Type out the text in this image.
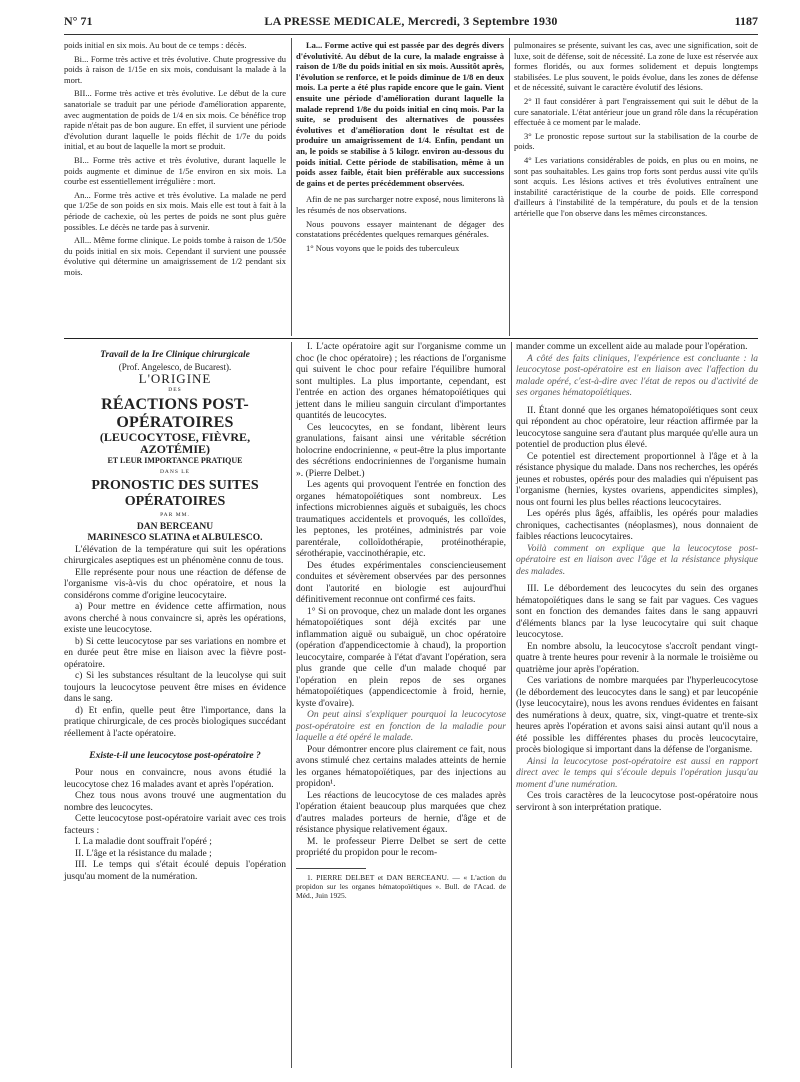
N° 71	LA PRESSE MEDICALE, Mercredi, 3 Septembre 1930	1187

poids initial en six mois. Au bout de ce temps : décès.

Bi... Forme très active et très évolutive. Chute progressive du poids à raison de 1/15e en six mois, conduisant la malade à la mort.

BII... Forme très active et très évolutive. Le début de la cure sanatoriale se traduit par une période d'amélioration apparente, avec augmentation de poids de 1/4 en six mois. Ce bénéfice trop rapide n'était pas de bon augure. En effet, il survient une période d'évolution durant laquelle le poids fléchit de 1/7e du poids initial, et au bout de laquelle la mort se produit.

BI... Forme très active et très évolutive, durant laquelle le poids augmente et diminue de 1/5e environ en six mois. La courbe est essentiellement irrégulière : mort.

An... Forme très active et très évolutive. La malade ne perd que 1/25e de son poids en six mois. Mais elle est tout à fait à la période de cachexie, où les pertes de poids ne sont plus guère possibles. Le décès ne tarde pas à survenir.

All... Même forme clinique. Le poids tombe à raison de 1/50e du poids initial en six mois. Cependant il survient une poussée évolutive qui détermine un amaigrissement de 1/2 pendant six mois.

La... Forme active qui est passée par des degrés divers d'évolutivité. Au début de la cure, la malade engraisse à raison de 1/8e du poids initial en six mois. Aussitôt après, l'évolution se renforce, et le poids diminue de 1/8 en deux mois. La perte a été plus rapide encore que le gain. Vient ensuite une période d'amélioration durant laquelle la malade reprend 1/8e du poids initial en cinq mois. Par la suite, se produisent des alternatives de poussées évolutives et d'amélioration dont le résultat est de produire un amaigrissement de 1/4. Enfin, pendant un an, le poids se stabilise à 5 kilogr. environ au-dessous du poids initial. Cette période de stabilisation, même à un poids assez faible, était bien préférable aux successions de gains et de pertes précédemment observées.

Afin de ne pas surcharger notre exposé, nous limiterons là les résumés de nos observations.

Nous pouvons essayer maintenant de dégager des constatations précédentes quelques remarques générales.

1° Nous voyons que le poids des tuberculeux

pulmonaires se présente, suivant les cas, avec une signification, soit de luxe, soit de défense, soit de nécessité. La zone de luxe est réservée aux formes floridés, ou aux formes solidement et depuis longtemps stabilisées. Le plus souvent, le poids évolue, dans les zones de défense et de nécessité, suivant le caractère évolutif des lésions.

2° Il faut considérer à part l'engraissement qui suit le début de la cure sanatoriale. L'état antérieur joue un grand rôle dans la récupération effectuée à ce moment par le malade.

3° Le pronostic repose surtout sur la stabilisation de la courbe de poids.

4° Les variations considérables de poids, en plus ou en moins, ne sont pas souhaitables. Les gains trop forts sont perdus aussi vite qu'ils sont acquis. Les lésions actives et très évolutives entraînent une instabilité caractéristique de la courbe de poids. Elle correspond d'ailleurs à l'instabilité de la température, du pouls et de la tension artérielle que l'on observe dans les mêmes circonstances.

Travail de la Ire Clinique chirurgicale
(Prof. Angelesco, de Bucarest).
L'ORIGINE
DES
RÉACTIONS POST-OPÉRATOIRES
(LEUCOCYTOSE, FIÈVRE, AZOTÉMIE)
ET LEUR IMPORTANCE PRATIQUE
DANS LE
PRONOSTIC DES SUITES OPÉRATOIRES
PAR MM.
DAN BERCEANU
MARINESCO SLATINA et ALBULESCO.

L'élévation de la température qui suit les opérations chirurgicales aseptiques est un phénomène connu de tous.

Elle représente pour nous une réaction de défense de l'organisme vis-à-vis du choc opératoire, et nous la considérons comme d'origine leucocytaire.

a) Pour mettre en évidence cette affirmation, nous avons cherché à nous convaincre si, après les opérations, existe une leucocytose.

b) Si cette leucocytose par ses variations en nombre et en durée peut être mise en liaison avec la fièvre post-opératoire.

c) Si les substances résultant de la leucolyse qui suit toujours la leucocytose peuvent être mises en évidence dans le sang.

d) Et enfin, quelle peut être l'importance, dans la pratique chirurgicale, de ces procès biologiques succédant réellement à l'acte opératoire.

Existe-t-il une leucocytose post-opératoire ?

Pour nous en convaincre, nous avons étudié la leucocytose chez 16 malades avant et après l'opération.

Chez tous nous avons trouvé une augmentation du nombre des leucocytes.

Cette leucocytose post-opératoire variait avec ces trois facteurs :

I. La maladie dont souffrait l'opéré ;

II. L'âge et la résistance du malade ;

III. Le temps qui s'était écoulé depuis l'opération jusqu'au moment de la numération.

I. L'acte opératoire agit sur l'organisme comme un choc (le choc opératoire) ; les réactions de l'organisme qui suivent le choc pour refaire l'équilibre humoral sont multiples. La plus importante, cependant, est l'entrée en action des organes hématopoïétiques qui jettent dans le milieu sanguin circulant d'importantes quantités de leucocytes.

Ces leucocytes, en se fondant, libèrent leurs granulations, faisant ainsi une véritable sécrétion holocrine endocrinienne, « peut-être la plus importante des sécrétions endocriniennes de l'organisme humain ». (Pierre Delbet.)

Les agents qui provoquent l'entrée en fonction des organes hématopoïétiques sont nombreux. Les infections microbiennes aiguës et subaiguës, les chocs traumatiques accidentels et provoqués, les colloïdes, les peptones, les protéines, administrés par voie parentérale, colloïdothérapie, protéinothérapie, sérothérapie, vaccinothérapie, etc.

Des études expérimentales consciencieusement conduites et sévèrement observées par des personnes dont l'autorité en biologie est aujourd'hui définitivement reconnue ont confirmé ces faits.

1° Si on provoque, chez un malade dont les organes hématopoïétiques sont déjà excités par une inflammation aiguë ou subaiguë, un choc opératoire (opération d'appendicectomie à chaud), la proportion leucocytaire, comparée à l'état d'avant l'opération, sera plus grande que celle d'un malade choqué par l'opération en plein repos de ses organes hématopoïétiques (appendicectomie à froid, hernie, kyste d'ovaire).

On peut ainsi s'expliquer pourquoi la leucocytose post-opératoire est en fonction de la maladie pour laquelle a été opéré le malade.

Pour démontrer encore plus clairement ce fait, nous avons stimulé chez certains malades atteints de hernie les organes hématopoïétiques, par des injections au propidon¹.

Les réactions de leucocytose de ces malades après l'opération étaient beaucoup plus marquées que chez d'autres malades porteurs de hernie, d'âge et de résistance physique relativement égaux.

M. le professeur Pierre Delbet se sert de cette propriété du propidon pour le recom-

1. PIERRE DELBET et DAN BERCEANU. — « L'action du propidon sur les organes hématopoïétiques ». Bull. de l'Acad. de Méd., Juin 1925.

mander comme un excellent aide au malade pour l'opération.

A côté des faits cliniques, l'expérience est concluante : la leucocytose post-opératoire est en liaison avec l'affection du malade opéré, c'est-à-dire avec l'état de repos ou d'activité de ses organes hématopoïétiques.

II. Étant donné que les organes hématopoïétiques sont ceux qui répondent au choc opératoire, leur réaction affirmée par la leucocytose sanguine sera d'autant plus marquée qu'elle aura un potentiel de production plus élevé.

Ce potentiel est directement proportionnel à l'âge et à la résistance physique du malade. Dans nos recherches, les opérés jeunes et robustes, opérés pour des maladies qui n'épuisent pas l'organisme (hernies, kystes ovariens, appendicites simples), nous ont fourni les plus belles réactions leucocytaires.

Les opérés plus âgés, affaiblis, les opérés pour maladies chroniques, cachectisantes (néoplasmes), nous donnaient de faibles réactions leucocytaires.

Voilà comment on explique que la leucocytose post-opératoire est en liaison avec l'âge et la résistance physique des malades.

III. Le débordement des leucocytes du sein des organes hématopoïétiques dans le sang se fait par vagues. Ces vagues sont en fonction des demandes faites dans le sang appauvri d'éléments blancs par la lyse leucocytaire qui suit chaque leucocytose.

En nombre absolu, la leucocytose s'accroît pendant vingt-quatre à trente heures pour revenir à la normale le troisième ou quatrième jour après l'opération.

Ces variations de nombre marquées par l'hyperleucocytose (le débordement des leucocytes dans le sang) et par leucopénie (lyse leucocytaire), nous les avons rendues évidentes en faisant des numérations à deux, quatre, six, vingt-quatre et trente-six heures après l'opération et avons saisi ainsi autant qu'il nous a été possible les différentes phases du procès leucocytaire, procès biologique si important dans la défense de l'organisme.

Ainsi la leucocytose post-opératoire est aussi en rapport direct avec le temps qui s'écoule depuis l'opération jusqu'au moment d'une numération.

Ces trois caractères de la leucocytose post-opératoire nous serviront à son interprétation pratique.
